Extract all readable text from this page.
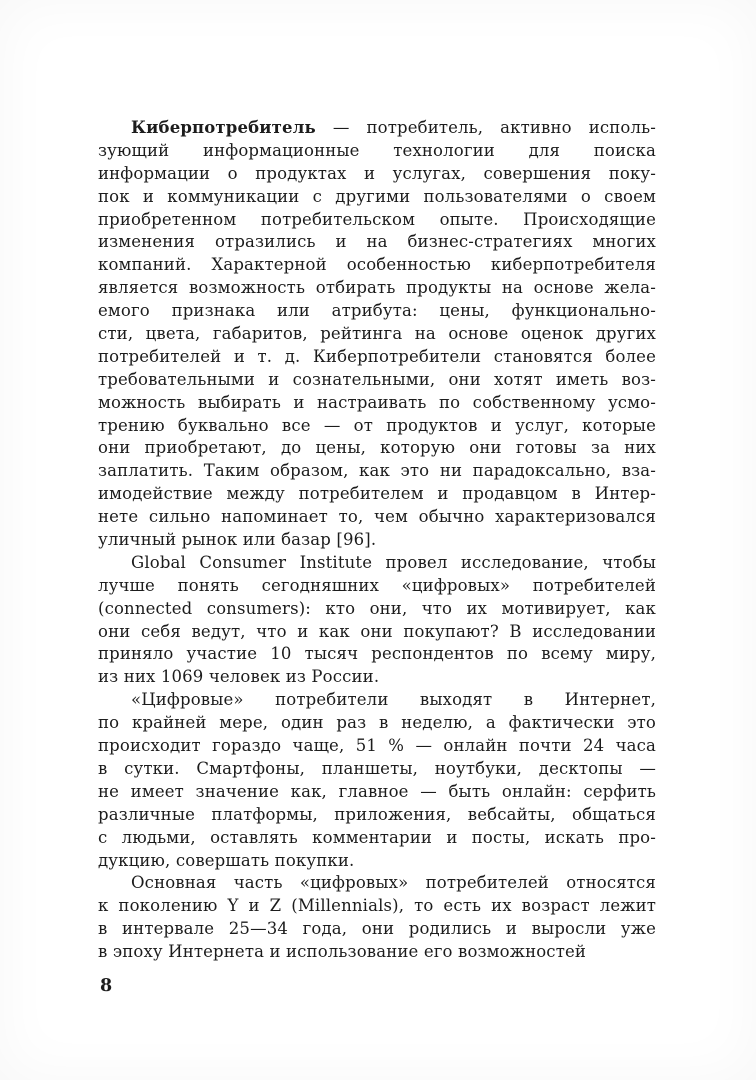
Киберпотребитель — потребитель, активно исполь-
зующий информационные технологии для поиска
информации о продуктах и услугах, совершения поку-
пок и коммуникации с другими пользователями о своем
приобретенном потребительском опыте. Происходящие
изменения отразились и на бизнес-стратегиях многих
компаний. Характерной особенностью киберпотребителя
является возможность отбирать продукты на основе жела-
емого признака или атрибута: цены, функционально-
сти, цвета, габаритов, рейтинга на основе оценок других
потребителей и т. д. Киберпотребители становятся более
требовательными и сознательными, они хотят иметь воз-
можность выбирать и настраивать по собственному усмо-
трению буквально все — от продуктов и услуг, которые
они приобретают, до цены, которую они готовы за них
заплатить. Таким образом, как это ни парадоксально, вза-
имодействие между потребителем и продавцом в Интер-
нете сильно напоминает то, чем обычно характеризовался
уличный рынок или базар [96].
Global Consumer Institute провел исследование, чтобы
лучше понять сегодняшних «цифровых» потребителей
(connected consumers): кто они, что их мотивирует, как
они себя ведут, что и как они покупают? В исследовании
приняло участие 10 тысяч респондентов по всему миру,
из них 1069 человек из России.
«Цифровые» потребители выходят в Интернет,
по крайней мере, один раз в неделю, а фактически это
происходит гораздо чаще, 51 % — онлайн почти 24 часа
в сутки. Смартфоны, планшеты, ноутбуки, десктопы —
не имеет значение как, главное — быть онлайн: серфить
различные платформы, приложения, вебсайты, общаться
с людьми, оставлять комментарии и посты, искать про-
дукцию, совершать покупки.
Основная часть «цифровых» потребителей относятся
к поколению Y и Z (Millennials), то есть их возраст лежит
в интервале 25—34 года, они родились и выросли уже
в эпоху Интернета и использование его возможностей
8
